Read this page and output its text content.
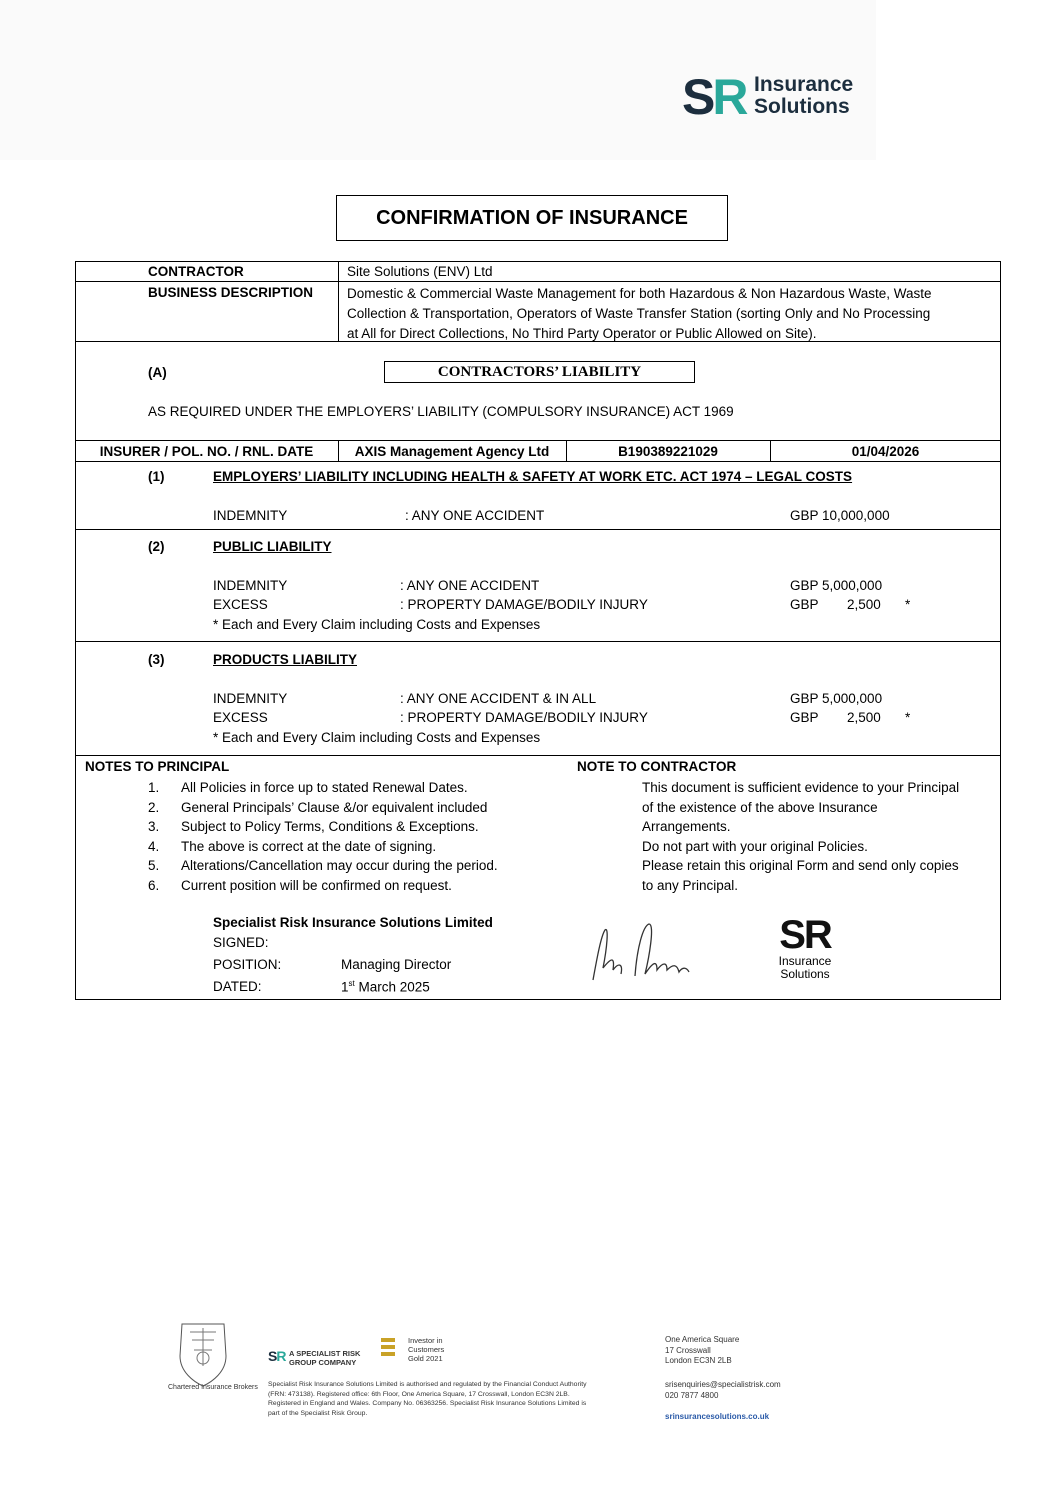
SR Insurance
Solutions
CONFIRMATION OF INSURANCE
CONTRACTOR	Site Solutions (ENV) Ltd
BUSINESS DESCRIPTION	Domestic & Commercial Waste Management for both Hazardous & Non Hazardous Waste, Waste
Collection & Transportation, Operators of Waste Transfer Station (sorting Only and No Processing
at All for Direct Collections, No Third Party Operator or Public Allowed on Site).
(A)	CONTRACTORS’ LIABILITY
AS REQUIRED UNDER THE EMPLOYERS’ LIABILITY (COMPULSORY INSURANCE) ACT 1969
INSURER / POL. NO. / RNL. DATE	AXIS Management Agency Ltd	B190389221029	01/04/2026
(1)	EMPLOYERS’ LIABILITY INCLUDING HEALTH & SAFETY AT WORK ETC. ACT 1974 – LEGAL COSTS
INDEMNITY	: ANY ONE ACCIDENT	GBP 10,000,000
(2)	PUBLIC LIABILITY
INDEMNITY	: ANY ONE ACCIDENT	GBP 5,000,000
EXCESS	: PROPERTY DAMAGE/BODILY INJURY	GBP 2,500 *
* Each and Every Claim including Costs and Expenses
(3)	PRODUCTS LIABILITY
INDEMNITY	: ANY ONE ACCIDENT & IN ALL	GBP 5,000,000
EXCESS	: PROPERTY DAMAGE/BODILY INJURY	GBP 2,500 *
* Each and Every Claim including Costs and Expenses
NOTES TO PRINCIPAL
1. All Policies in force up to stated Renewal Dates.
2. General Principals’ Clause &/or equivalent included
3. Subject to Policy Terms, Conditions & Exceptions.
4. The above is correct at the date of signing.
5. Alterations/Cancellation may occur during the period.
6. Current position will be confirmed on request.
NOTE TO CONTRACTOR
This document is sufficient evidence to your Principal
of the existence of the above Insurance
Arrangements.
Do not part with your original Policies.
Please retain this original Form and send only copies
to any Principal.
Specialist Risk Insurance Solutions Limited
SIGNED:
POSITION:	Managing Director
DATED:	1st March 2025
SR
Insurance
Solutions
Chartered Insurance Brokers
SR A SPECIALIST RISK
GROUP COMPANY
Investor in
Customers
Gold 2021
Specialist Risk Insurance Solutions Limited is authorised and regulated by the Financial Conduct Authority
(FRN: 473138). Registered office: 6th Floor, One America Square, 17 Crosswall, London EC3N 2LB.
Registered in England and Wales. Company No. 06363256. Specialist Risk Insurance Solutions Limited is
part of the Specialist Risk Group.
One America Square
17 Crosswall
London EC3N 2LB
srisenquiries@specialistrisk.com
020 7877 4800
srinsurancesolutions.co.uk
